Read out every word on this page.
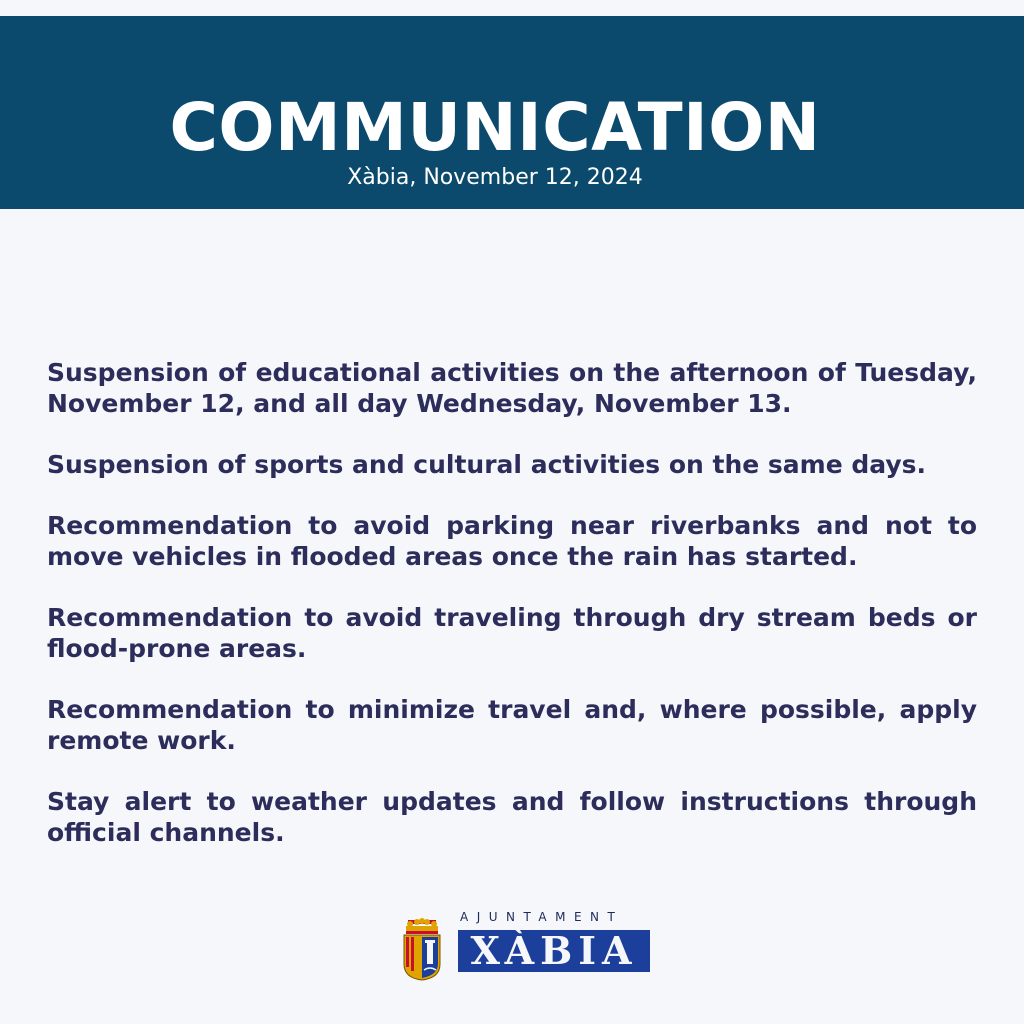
COMMUNICATION
Xàbia, November 12, 2024

Suspension of educational activities on the afternoon of Tuesday, November 12, and all day Wednesday, November 13.

Suspension of sports and cultural activities on the same days.

Recommendation to avoid parking near riverbanks and not to move vehicles in flooded areas once the rain has started.

Recommendation to avoid traveling through dry stream beds or flood-prone areas.

Recommendation to minimize travel and, where possible, apply remote work.

Stay alert to weather updates and follow instructions through official channels.

AJUNTAMENT
XÀBIA
